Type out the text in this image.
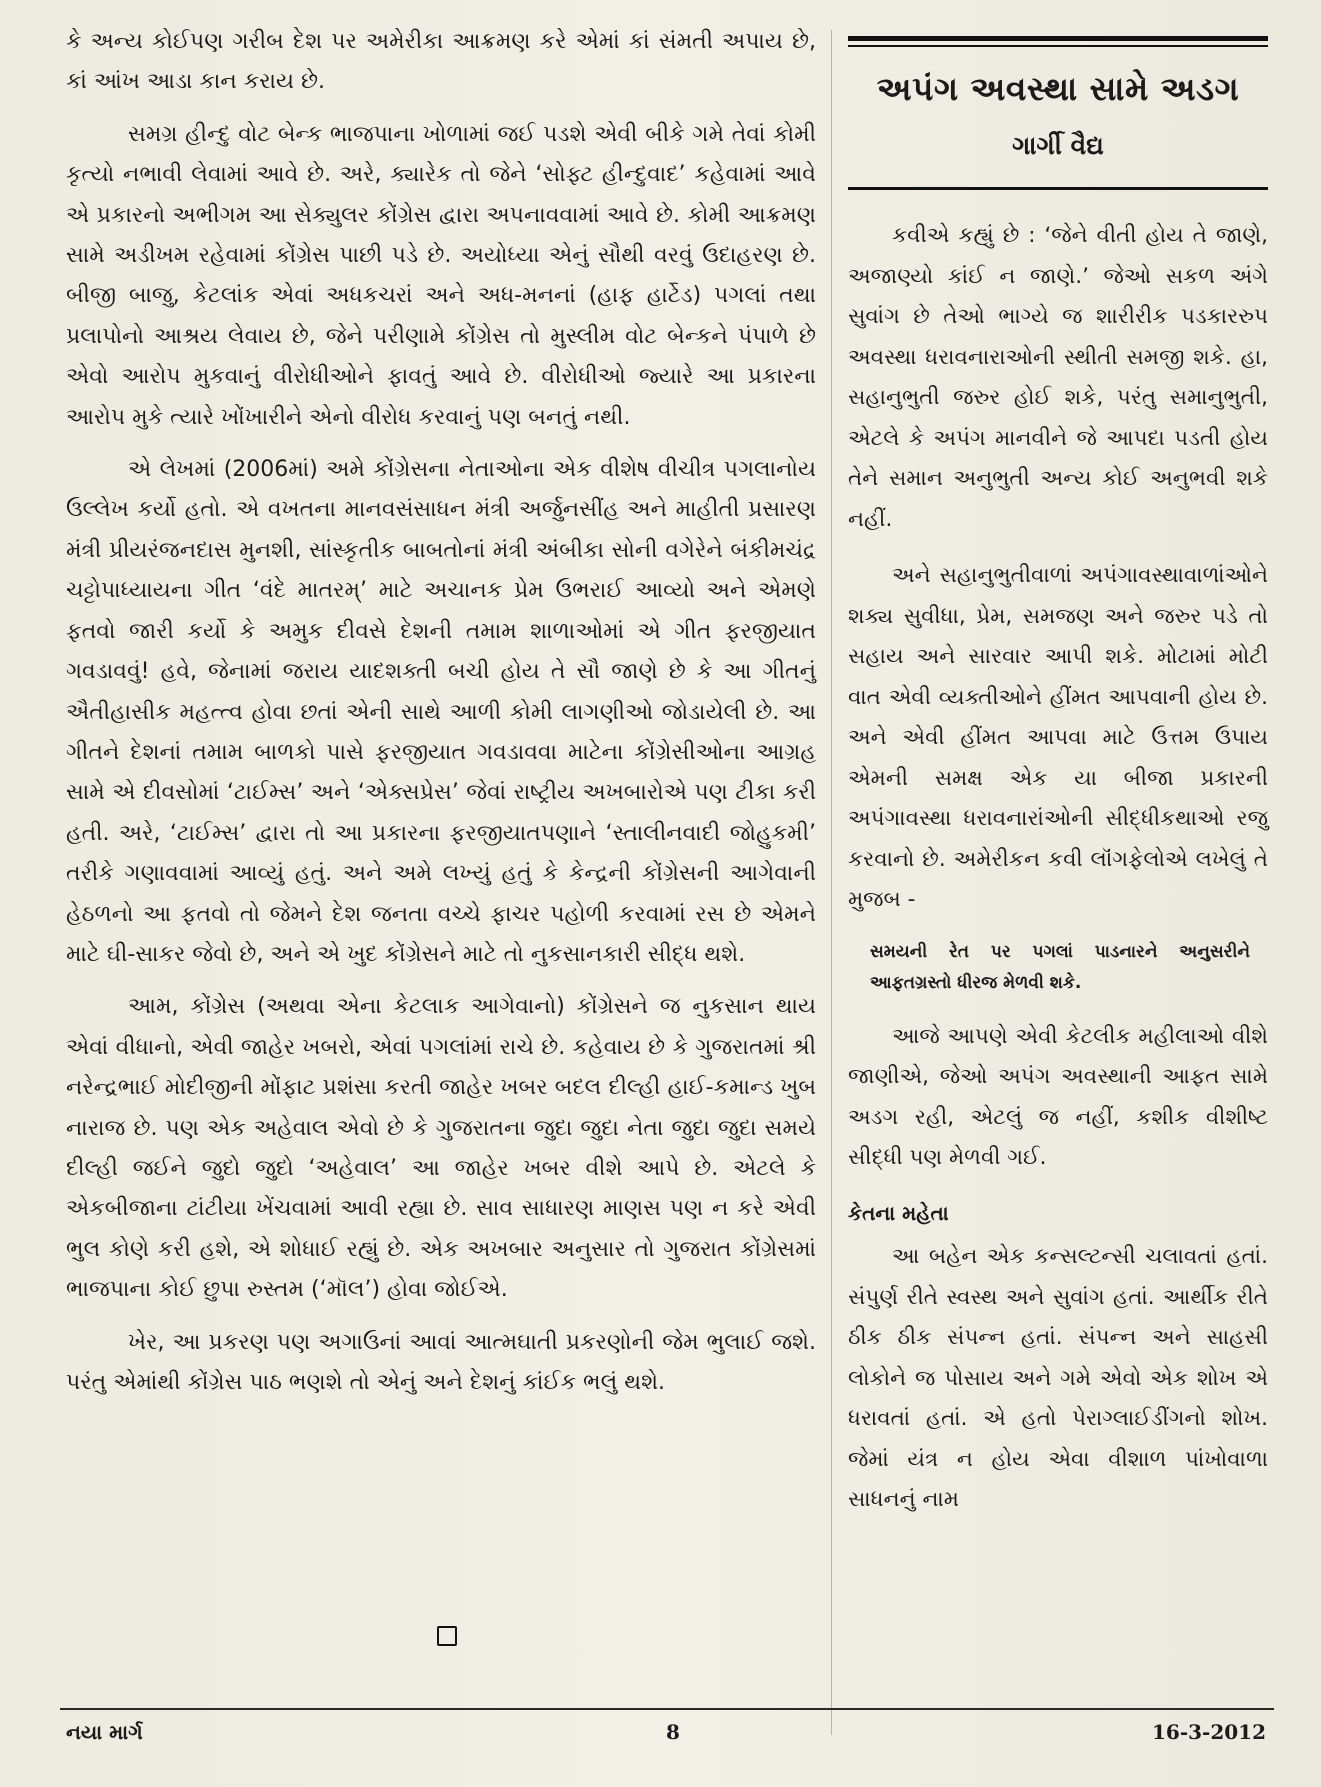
કે અન્ય કોઈપણ ગરીબ દેશ પર અમેરીકા આક્રમણ કરે એમાં કાં સંમતી અપાય છે, કાં આંખ આડા કાન કરાય છે.

સમગ્ર હીન્દુ વોટ બેન્ક ભાજપાના ખોળામાં જઈ પડશે એવી બીકે ગમે તેવાં કોમી કૃત્યો નભાવી લેવામાં આવે છે. અરે, ક્યારેક તો જેને ‘સોફ્ટ હીન્દુવાદ’ કહેવામાં આવે એ પ્રકારનો અભીગમ આ સેક્યુલર કોંગ્રેસ દ્વારા અપનાવવામાં આવે છે. કોમી આક્રમણ સામે અડીખમ રહેવામાં કોંગ્રેસ પાછી પડે છે. અયોધ્યા એનું સૌથી વરવું ઉદાહરણ છે. બીજી બાજુ, કેટલાંક એવાં અધકચરાં અને અધ-મનનાં (હાફ હાર્ટેડ) પગલાં તથા પ્રલાપોનો આશ્રય લેવાય છે, જેને પરીણામે કોંગ્રેસ તો મુસ્લીમ વોટ બેન્કને પંપાળે છે એવો આરોપ મુકવાનું વીરોધીઓને ફાવતું આવે છે. વીરોધીઓ જ્યારે આ પ્રકારના આરોપ મુકે ત્યારે ખોંખારીને એનો વીરોધ કરવાનું પણ બનતું નથી.

એ લેખમાં (2006માં) અમે કોંગ્રેસના નેતાઓના એક વીશેષ વીચીત્ર પગલાનોય ઉલ્લેખ કર્યો હતો. એ વખતના માનવસંસાધન મંત્રી અર્જુનસીંહ અને માહીતી પ્રસારણ મંત્રી પ્રીયરંજનદાસ મુનશી, સાંસ્કૃતીક બાબતોનાં મંત્રી અંબીકા સોની વગેરેને બંકીમચંદ્ર ચટ્ટોપાધ્યાયના ગીત ‘વંદે માતરમ્’ માટે અચાનક પ્રેમ ઉભરાઈ આવ્યો અને એમણે ફતવો જારી કર્યો કે અમુક દીવસે દેશની તમામ શાળાઓમાં એ ગીત ફરજીયાત ગવડાવવું! હવે, જેનામાં જરાય યાદશક્તી બચી હોય તે સૌ જાણે છે કે આ ગીતનું ઐતીહાસીક મહત્ત્વ હોવા છતાં એની સાથે આળી કોમી લાગણીઓ જોડાયેલી છે. આ ગીતને દેશનાં તમામ બાળકો પાસે ફરજીયાત ગવડાવવા માટેના કોંગ્રેસીઓના આગ્રહ સામે એ દીવસોમાં ‘ટાઈમ્સ’ અને ‘એક્સપ્રેસ’ જેવાં રાષ્ટ્રીય અખબારોએ પણ ટીકા કરી હતી. અરે, ‘ટાઈમ્સ’ દ્વારા તો આ પ્રકારના ફરજીયાતપણાને ‘સ્તાલીનવાદી જોહુકમી’ તરીકે ગણાવવામાં આવ્યું હતું. અને અમે લખ્યું હતું કે કેન્દ્રની કોંગ્રેસની આગેવાની હેઠળનો આ ફતવો તો જેમને દેશ જનતા વચ્ચે ફાચર પહોળી કરવામાં રસ છે એમને માટે ઘી-સાકર જેવો છે, અને એ ખુદ કોંગ્રેસને માટે તો નુકસાનકારી સીદ્ધ થશે.

આમ, કોંગ્રેસ (અથવા એના કેટલાક આગેવાનો) કોંગ્રેસને જ નુકસાન થાય એવાં વીધાનો, એવી જાહેર ખબરો, એવાં પગલાંમાં રાચે છે. કહેવાય છે કે ગુજરાતમાં શ્રી નરેન્દ્રભાઈ મોદીજીની મોંફાટ પ્રશંસા કરતી જાહેર ખબર બદલ દીલ્હી હાઈ-કમાન્ડ ખુબ નારાજ છે. પણ એક અહેવાલ એવો છે કે ગુજરાતના જુદા જુદા નેતા જુદા જુદા સમયે દીલ્હી જઈને જુદો જુદો ‘અહેવાલ’ આ જાહેર ખબર વીશે આપે છે. એટલે કે એકબીજાના ટાંટીયા ખેંચવામાં આવી રહ્યા છે. સાવ સાધારણ માણસ પણ ન કરે એવી ભુલ કોણે કરી હશે, એ શોધાઈ રહ્યું છે. એક અખબાર અનુસાર તો ગુજરાત કોંગ્રેસમાં ભાજપાના કોઈ છુપા રુસ્તમ (‘મૉલ’) હોવા જોઈએ.

ખેર, આ પ્રકરણ પણ અગાઉનાં આવાં આત્મઘાતી પ્રકરણોની જેમ ભુલાઈ જશે. પરંતુ એમાંથી કોંગ્રેસ પાઠ ભણશે તો એનું અને દેશનું કાંઈક ભલું થશે.

અપંગ અવસ્થા સામે અડગ
ગાર્ગી વૈદ્ય

કવીએ કહ્યું છે : ‘જેને વીતી હોય તે જાણે, અજાણ્યો કાંઈ ન જાણે.’ જેઓ સકળ અંગે સુવાંગ છે તેઓ ભાગ્યે જ શારીરીક પડકારરુપ અવસ્થા ધરાવનારાઓની સ્થીતી સમજી શકે. હા, સહાનુભુતી જરુર હોઈ શકે, પરંતુ સમાનુભુતી, એટલે કે અપંગ માનવીને જે આપદા પડતી હોય તેને સમાન અનુભુતી અન્ય કોઈ અનુભવી શકે નહીં.

અને સહાનુભુતીવાળાં અપંગાવસ્થાવાળાંઓને શક્ય સુવીધા, પ્રેમ, સમજણ અને જરુર પડે તો સહાય અને સારવાર આપી શકે. મોટામાં મોટી વાત એવી વ્યક્તીઓને હીંમત આપવાની હોય છે. અને એવી હીંમત આપવા માટે ઉત્તમ ઉપાય એમની સમક્ષ એક યા બીજા પ્રકારની અપંગાવસ્થા ધરાવનારાંઓની સીદ્ધીકથાઓ રજુ કરવાનો છે. અમેરીકન કવી લૉંગફેલોએ લખેલું તે મુજબ -

સમયની રેત પર પગલાં પાડનારને અનુસરીને આફતગ્રસ્તો ધીરજ મેળવી શકે.

આજે આપણે એવી કેટલીક મહીલાઓ વીશે જાણીએ, જેઓ અપંગ અવસ્થાની આફત સામે અડગ રહી, એટલું જ નહીં, કશીક વીશીષ્ટ સીદ્ધી પણ મેળવી ગઈ.

કેતના મહેતા

આ બહેન એક કન્સલ્ટન્સી ચલાવતાં હતાં. સંપુર્ણ રીતે સ્વસ્થ અને સુવાંગ હતાં. આર્થીક રીતે ઠીક ઠીક સંપન્ન હતાં. સંપન્ન અને સાહસી લોકોને જ પોસાય અને ગમે એવો એક શોખ એ ધરાવતાં હતાં. એ હતો પેરાગ્લાઈડીંગનો શોખ. જેમાં યંત્ર ન હોય એવા વીશાળ પાંખોવાળા સાધનનું નામ

નયા માર્ગ	8	16-3-2012
